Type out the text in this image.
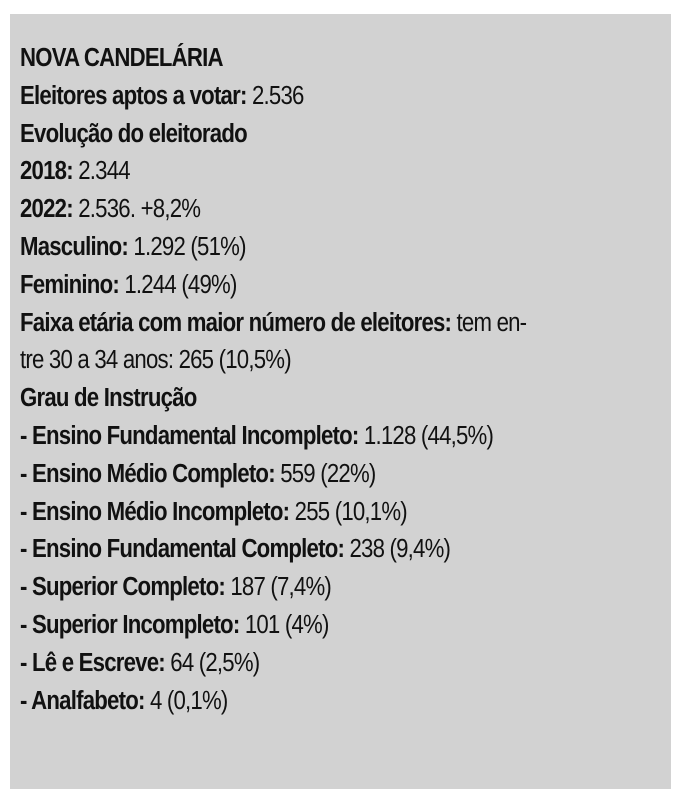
NOVA CANDELÁRIA
Eleitores aptos a votar: 2.536
Evolução do eleitorado
2018: 2.344
2022: 2.536. +8,2%
Masculino: 1.292 (51%)
Feminino: 1.244 (49%)
Faixa etária com maior número de eleitores: tem en-
tre 30 a 34 anos: 265 (10,5%)
Grau de Instrução
- Ensino Fundamental Incompleto: 1.128 (44,5%)
- Ensino Médio Completo: 559 (22%)
- Ensino Médio Incompleto: 255 (10,1%)
- Ensino Fundamental Completo: 238 (9,4%)
- Superior Completo: 187 (7,4%)
- Superior Incompleto: 101 (4%)
- Lê e Escreve: 64 (2,5%)
- Analfabeto: 4 (0,1%)
